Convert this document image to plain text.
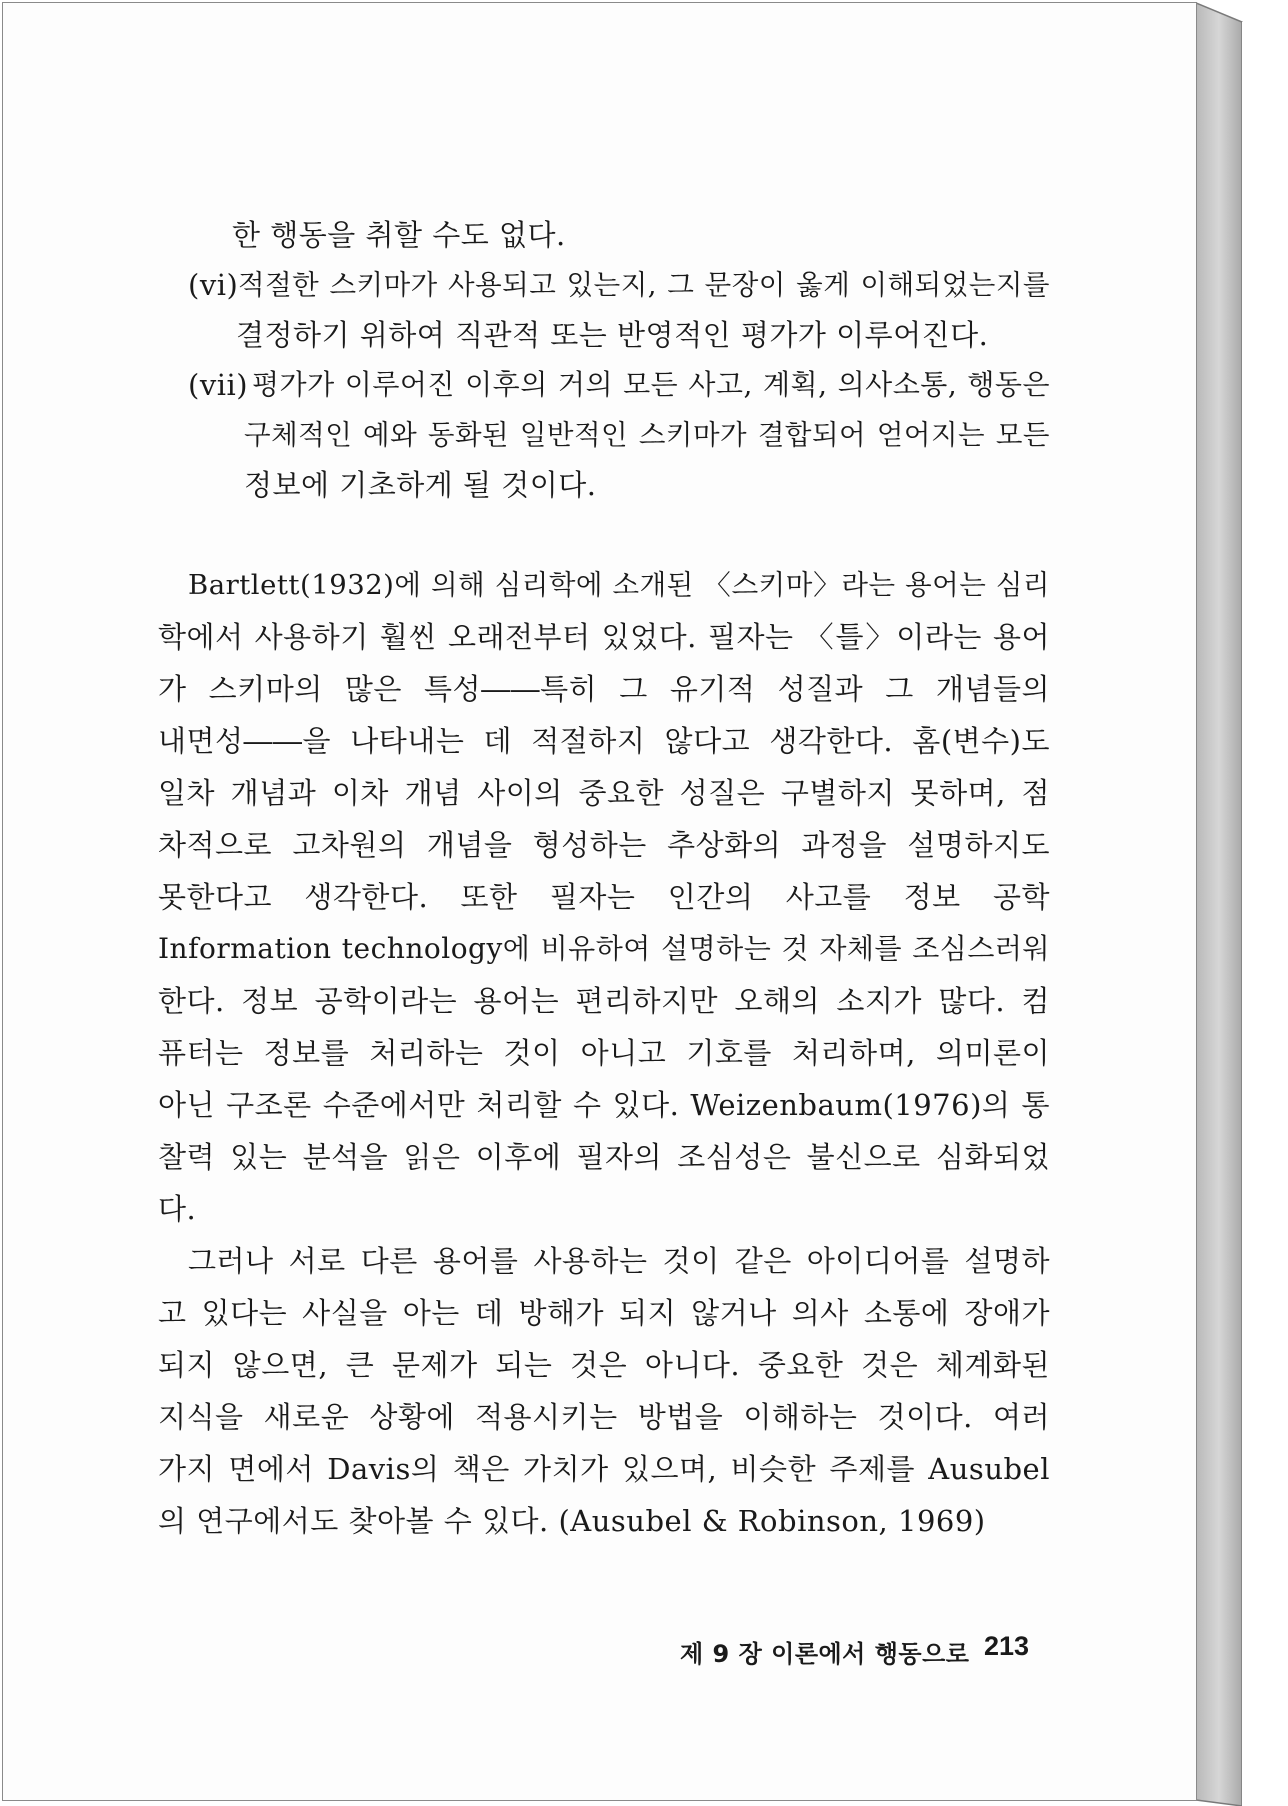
한 행동을 취할 수도 없다.
(vi) 적절한 스키마가 사용되고 있는지, 그 문장이 옳게 이해되었는지를
결정하기 위하여 직관적 또는 반영적인 평가가 이루어진다.
(vii) 평가가 이루어진 이후의 거의 모든 사고, 계획, 의사소통, 행동은
구체적인 예와 동화된 일반적인 스키마가 결합되어 얻어지는 모든
정보에 기초하게 될 것이다.
Bartlett(1932)에 의해 심리학에 소개된 〈스키마〉라는 용어는 심리
학에서 사용하기 훨씬 오래전부터 있었다. 필자는 〈틀〉이라는 용어
가 스키마의 많은 특성――특히 그 유기적 성질과 그 개념들의
내면성――을 나타내는 데 적절하지 않다고 생각한다. 홈(변수)도
일차 개념과 이차 개념 사이의 중요한 성질은 구별하지 못하며, 점
차적으로 고차원의 개념을 형성하는 추상화의 과정을 설명하지도
못한다고 생각한다. 또한 필자는 인간의 사고를 정보 공학
Information technology에 비유하여 설명하는 것 자체를 조심스러워
한다. 정보 공학이라는 용어는 편리하지만 오해의 소지가 많다. 컴
퓨터는 정보를 처리하는 것이 아니고 기호를 처리하며, 의미론이
아닌 구조론 수준에서만 처리할 수 있다. Weizenbaum(1976)의 통
찰력 있는 분석을 읽은 이후에 필자의 조심성은 불신으로 심화되었
다.
그러나 서로 다른 용어를 사용하는 것이 같은 아이디어를 설명하
고 있다는 사실을 아는 데 방해가 되지 않거나 의사 소통에 장애가
되지 않으면, 큰 문제가 되는 것은 아니다. 중요한 것은 체계화된
지식을 새로운 상황에 적용시키는 방법을 이해하는 것이다. 여러
가지 면에서 Davis의 책은 가치가 있으며, 비슷한 주제를 Ausubel
의 연구에서도 찾아볼 수 있다. (Ausubel & Robinson, 1969)
제 9 장 이론에서 행동으로 213
